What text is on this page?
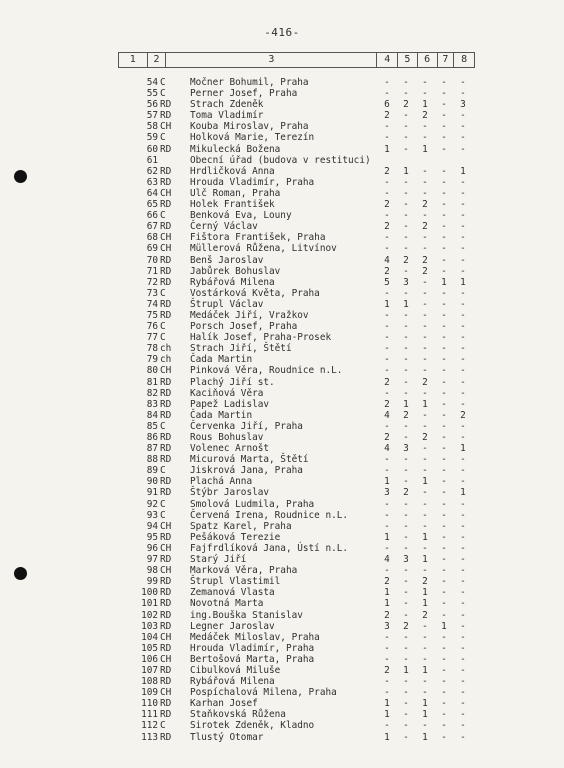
-416-
1	2	3	4	5	6	7	8
54 C	Močner Bohumil, Praha	-	-	-	-	-
55 C	Perner Josef, Praha	-	-	-	-	-
56 RD Strach Zdeněk	6	2	1	-	3
57 RD Toma Vladimír	2	-	2	-	-
58 CH Kouba Miroslav, Praha	-	-	-	-	-
59 C	Holková Marie, Terezín	-	-	-	-	-
60 RD Mikulecká Božena	1	-	1	-	-
61	Obecní úřad (budova v restituci)
62 RD Hrdličková Anna	2	1	-	-	1
63 RD Hrouda Vladimír, Praha	-	-	-	-	-
64 CH Ulč Roman, Praha	-	-	-	-	-
65 RD Holek František	2	-	2	-	-
66 C	Benková Eva, Louny	-	-	-	-	-
67 RD Černý Václav	2	-	2	-	-
68 CH Fištora František, Praha	-	-	-	-	-
69 CH Müllerová Růžena, Litvínov	-	-	-	-	-
70 RD Benš Jaroslav	4	2	2	-	-
71 RD Jabůrek Bohuslav	2	-	2	-	-
72 RD Rybářová Milena	5	3	-	1	1
73 C	Vostárková Květa, Praha	-	-	-	-	-
74 RD Štrupl Václav	1	1	-	-	-
75 RD Medáček Jiří, Vražkov	-	-	-	-	-
76 C	Porsch Josef, Praha	-	-	-	-	-
77 C	Halík Josef, Praha-Prosek	-	-	-	-	-
78 ch Strach Jiří, Štětí	-	-	-	-	-
79 ch Čada Martin	-	-	-	-	-
80 CH Pinková Věra, Roudnice n.L.	-	-	-	-	-
81 RD Plachý Jiří st.	2	-	2	-	-
82 RD Kaciňová Věra	-	-	-	-	-
83 RD Papež Ladislav	2	1	1	-	-
84 RD Čada Martin	4	2	-	-	2
85 C	Červenka Jiří, Praha	-	-	-	-	-
86 RD Rous Bohuslav	2	-	2	-	-
87 RD Volenec Arnošt	4	3	-	-	1
88 RD Micurová Marta, Štětí	-	-	-	-	-
89 C	Jiskrová Jana, Praha	-	-	-	-	-
90 RD Plachá Anna	1	-	1	-	-
91 RD Štýbr Jaroslav	3	2	-	-	1
92 C	Smolová Ludmila, Praha	-	-	-	-	-
93 C	Červená Irena, Roudnice n.L.	-	-	-	-	-
94 CH Spatz Karel, Praha	-	-	-	-	-
95 RD Pešáková Terezie	1	-	1	-	-
96 CH Fajfrdlíková Jana, Ústí n.L.	-	-	-	-	-
97 RD Starý Jiří	4	3	1	-	-
98 CH Marková Věra, Praha	-	-	-	-	-
99 RD Štrupl Vlastimil	2	-	2	-	-
100 RD Zemanová Vlasta	1	-	1	-	-
101 RD Novotná Marta	1	-	1	-	-
102 RD ing.Bouška Stanislav	2	-	2	-	-
103 RD Legner Jaroslav	3	2	-	1	-
104 CH Medáček Miloslav, Praha	-	-	-	-	-
105 RD Hrouda Vladimír, Praha	-	-	-	-	-
106 CH Bertošová Marta, Praha	-	-	-	-	-
107 RD Cibulková Miluše	2	1	1	-	-
108 RD Rybářová Milena	-	-	-	-	-
109 CH Pospíchalová Milena, Praha	-	-	-	-	-
110 RD Karhan Josef	1	-	1	-	-
111 RD Staňkovská Růžena	1	-	1	-	-
112 C	Sirotek Zdeněk, Kladno	-	-	-	-	-
113 RD Tlustý Otomar	1	-	1	-	-
